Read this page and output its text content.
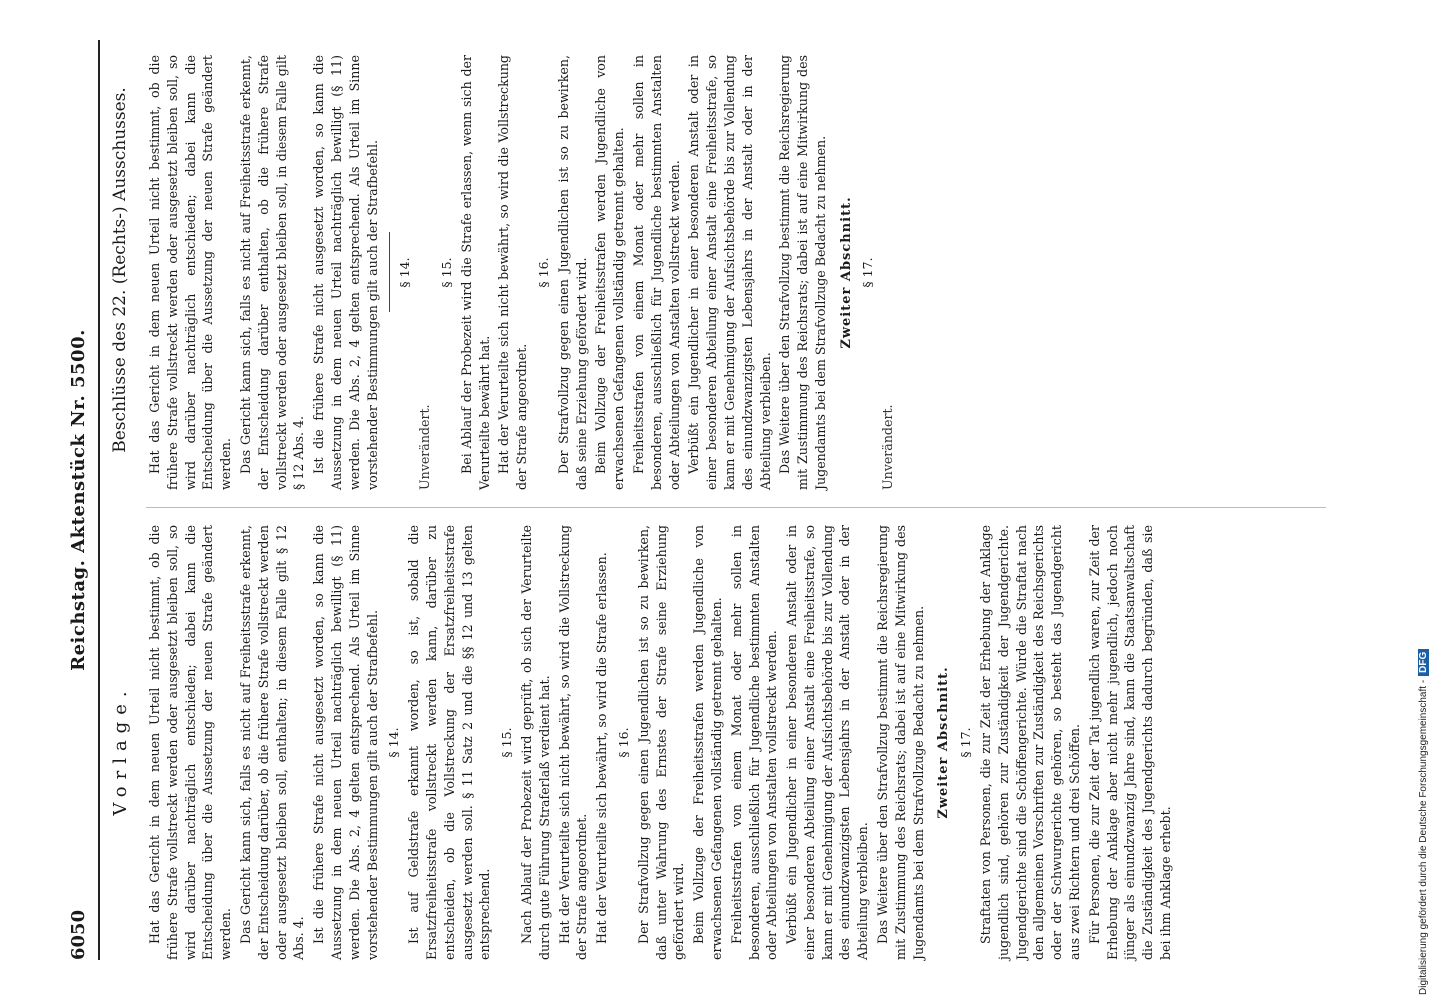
6050
Reichstag. Aktenstück Nr. 5500.
Vorlage.
Beschlüsse des 22. (Rechts-) Ausschusses.

Hat das Gericht in dem neuen Urteil nicht bestimmt, ob die frühere Strafe vollstreckt werden oder ausgesetzt bleiben soll, so wird darüber nachträglich entschieden; dabei kann die Entscheidung über die Aussetzung der neuen Strafe geändert werden. Das Gericht kann sich, falls es nicht auf Freiheitsstrafe erkennt, der Entscheidung darüber, ob die frühere Strafe vollstreckt werden oder ausgesetzt bleiben soll, enthalten; in diesem Falle gilt § 12 Abs. 4. Ist die frühere Strafe nicht ausgesetzt worden, so kann die Aussetzung in dem neuen Urteil nachträglich bewilligt (§ 11) werden. Die Abs. 2, 4 gelten entsprechend. Als Urteil im Sinne vorstehender Bestimmungen gilt auch der Strafbefehl. § 14. Ist auf Geldstrafe erkannt worden, so ist, sobald die Ersatzfreiheitsstrafe vollstreckt werden kann, darüber zu entscheiden, ob die Vollstreckung der Ersatzfreiheitsstrafe ausgesetzt werden soll. § 11 Satz 2 und die §§ 12 und 13 gelten entsprechend.

§ 15. Nach Ablauf der Probezeit wird geprüft, ob sich der Verurteilte durch gute Führung Straferlaß verdient hat. Hat der Verurteilte sich nicht bewährt, so wird die Vollstreckung der Strafe angeordnet. Hat der Verurteilte sich bewährt, so wird die Strafe erlassen. § 16. Der Strafvollzug gegen einen Jugendlichen ist so zu bewirken, daß unter Wahrung des Ernstes der Strafe seine Erziehung gefördert wird. Beim Vollzuge der Freiheitsstrafen werden Jugendliche von erwachsenen Gefangenen vollständig getrennt gehalten. Freiheitsstrafen von einem Monat oder mehr sollen in besonderen, ausschließlich für Jugendliche bestimmten Anstalten oder Abteilungen von Anstalten vollstreckt werden. Verbüßt ein Jugendlicher in einer besonderen Anstalt oder in einer besonderen Abteilung einer Anstalt eine Freiheitsstrafe, so kann er mit Genehmigung der Aufsichtsbehörde bis zur Vollendung des einundzwanzigsten Lebensjahrs in der Anstalt oder in der Abteilung verbleiben. Das Weitere über den Strafvollzug bestimmt die Reichsregierung mit Zustimmung des Reichsrats; dabei ist auf eine Mitwirkung des Jugendamts bei dem Strafvollzuge Bedacht zu nehmen. Zweiter Abschnitt. § 17. Straftaten von Personen, die zur Zeit der Erhebung der Anklage jugendlich sind, gehören zur Zuständigkeit der Jugendgerichte. Jugendgerichte sind die Schöffengerichte. Würde die Straftat nach den allgemeinen Vorschriften zur Zuständigkeit des Reichsgerichts oder der Schwurgerichte gehören, so besteht das Jugendgericht aus zwei Richtern und drei Schöffen. Für Personen, die zur Zeit der Tat jugendlich waren, zur Zeit der Erhebung der Anklage aber nicht mehr jugendlich, jedoch noch jünger als einundzwanzig Jahre sind, kann die Staatsanwaltschaft die Zuständigkeit des Jugendgerichts dadurch begründen, daß sie bei ihm Anklage erhebt.

Hat das Gericht in dem neuen Urteil nicht bestimmt, ob die frühere Strafe vollstreckt werden oder ausgesetzt bleiben soll, so wird darüber nachträglich entschieden; dabei kann die Entscheidung über die Aussetzung der neuen Strafe geändert werden. Das Gericht kann sich, falls es nicht auf Freiheitsstrafe erkennt, der Entscheidung darüber enthalten, ob die frühere Strafe vollstreckt werden oder ausgesetzt bleiben soll, in diesem Falle gilt § 12 Abs. 4. Ist die frühere Strafe nicht ausgesetzt worden, so kann die Aussetzung in dem neuen Urteil nachträglich bewilligt (§ 11) werden. Die Abs. 2, 4 gelten entsprechend. Als Urteil im Sinne vorstehender Bestimmungen gilt auch der Strafbefehl. § 14.

Unverändert.

§ 15. Bei Ablauf der Probezeit wird die Strafe erlassen, wenn sich der Verurteilte bewährt hat. Hat der Verurteilte sich nicht bewährt, so wird die Vollstreckung der Strafe angeordnet.

§ 16. Der Strafvollzug gegen einen Jugendlichen ist so zu bewirken, daß seine Erziehung gefördert wird. Beim Vollzuge der Freiheitsstrafen werden Jugendliche von erwachsenen Gefangenen vollständig getrennt gehalten. Freiheitsstrafen von einem Monat oder mehr sollen in besonderen, ausschließlich für Jugendliche bestimmten Anstalten oder Abteilungen von Anstalten vollstreckt werden. Verbüßt ein Jugendlicher in einer besonderen Anstalt oder in einer besonderen Abteilung einer Anstalt eine Freiheitsstrafe, so kann er mit Genehmigung der Aufsichtsbehörde bis zur Vollendung des einundzwanzigsten Lebensjahrs in der Anstalt oder in der Abteilung verbleiben. Das Weitere über den Strafvollzug bestimmt die Reichsregierung mit Zustimmung des Reichsrats; dabei ist auf eine Mitwirkung des Jugendamts bei dem Strafvollzuge Bedacht zu nehmen. Zweiter Abschnitt. § 17.

Unverändert.

Digitalisierung gefördert durch die Deutsche Forschungsgemeinschaft -DFG
